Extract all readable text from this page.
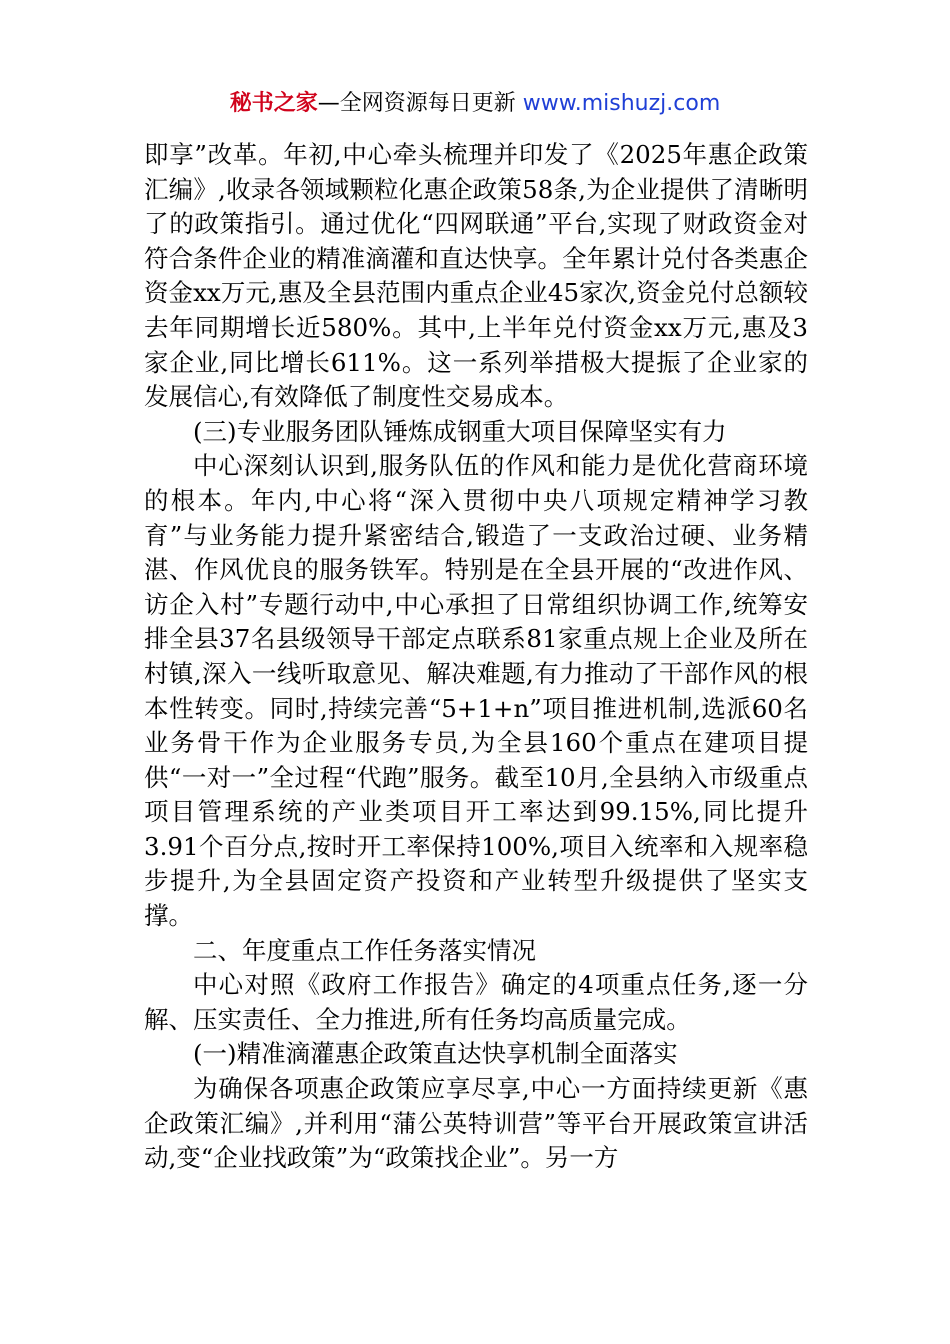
秘书之家—全网资源每日更新 www.mishuzj.com

即享”改革。年初,中心牵头梳理并印发了《2025年惠企政策汇编》,收录各领域颗粒化惠企政策58条,为企业提供了清晰明了的政策指引。通过优化“四网联通”平台,实现了财政资金对符合条件企业的精准滴灌和直达快享。全年累计兑付各类惠企资金xx万元,惠及全县范围内重点企业45家次,资金兑付总额较去年同期增长近580%。其中,上半年兑付资金xx万元,惠及3家企业,同比增长611%。这一系列举措极大提振了企业家的发展信心,有效降低了制度性交易成本。

(三)专业服务团队锤炼成钢重大项目保障坚实有力

中心深刻认识到,服务队伍的作风和能力是优化营商环境的根本。年内,中心将“深入贯彻中央八项规定精神学习教育”与业务能力提升紧密结合,锻造了一支政治过硬、业务精湛、作风优良的服务铁军。特别是在全县开展的“改进作风、访企入村”专题行动中,中心承担了日常组织协调工作,统筹安排全县37名县级领导干部定点联系81家重点规上企业及所在村镇,深入一线听取意见、解决难题,有力推动了干部作风的根本性转变。同时,持续完善“5+1+n”项目推进机制,选派60名业务骨干作为企业服务专员,为全县160个重点在建项目提供“一对一”全过程“代跑”服务。截至10月,全县纳入市级重点项目管理系统的产业类项目开工率达到99.15%,同比提升3.91个百分点,按时开工率保持100%,项目入统率和入规率稳步提升,为全县固定资产投资和产业转型升级提供了坚实支撑。

二、年度重点工作任务落实情况

中心对照《政府工作报告》确定的4项重点任务,逐一分解、压实责任、全力推进,所有任务均高质量完成。

(一)精准滴灌惠企政策直达快享机制全面落实

为确保各项惠企政策应享尽享,中心一方面持续更新《惠企政策汇编》,并利用“蒲公英特训营”等平台开展政策宣讲活动,变“企业找政策”为“政策找企业”。另一方
